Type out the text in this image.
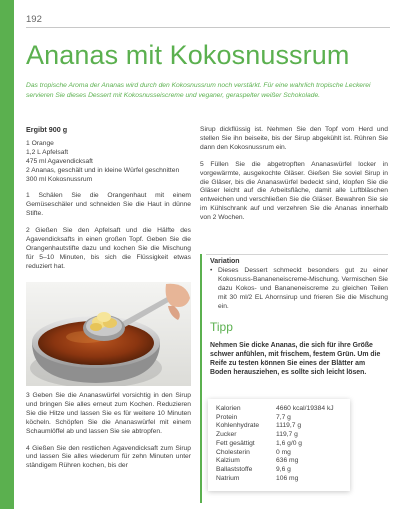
192
Ananas mit Kokosnussrum

Das tropische Aroma der Ananas wird durch den Kokosnussrum noch verstärkt. Für eine wahrlich tropische Leckerei servieren Sie dieses Dessert mit Kokosnusseiscreme und veganer, geraspelter weißer Schokolade.

Ergibt 900 g
1 Orange
1,2 L Apfelsaft
475 ml Agavendicksaft
2 Ananas, geschält und in kleine Würfel geschnitten
300 ml Kokosnussrum

1 Schälen Sie die Orangenhaut mit einem Gemüseschäler und schneiden Sie die Haut in dünne Stifte.

2 Gießen Sie den Apfelsaft und die Hälfte des Agavendicksafts in einen großen Topf. Geben Sie die Orangenhautstifte dazu und kochen Sie die Mischung für 5–10 Minuten, bis sich die Flüssigkeit etwas reduziert hat.

3 Geben Sie die Ananaswürfel vorsichtig in den Sirup und bringen Sie alles erneut zum Kochen. Reduzieren Sie die Hitze und lassen Sie es für weitere 10 Minuten köcheln. Schöpfen Sie die Ananaswürfel mit einem Schaumlöffel ab und lassen Sie sie abtropfen.

4 Gießen Sie den restlichen Agavendicksaft zum Sirup und lassen Sie alles wiederum für zehn Minuten unter ständigem Rühren kochen, bis der

Sirup dickflüssig ist. Nehmen Sie den Topf vom Herd und stellen Sie ihn beiseite, bis der Sirup abgekühlt ist. Rühren Sie dann den Kokosnussrum ein.

5 Füllen Sie die abgetropften Ananaswürfel locker in vorgewärmte, ausgekochte Gläser. Gießen Sie soviel Sirup in die Gläser, bis die Ananaswürfel bedeckt sind, klopfen Sie die Gläser leicht auf die Arbeitsfläche, damit alle Luftbläschen entweichen und verschließen Sie die Gläser. Bewahren Sie sie im Kühlschrank auf und verzehren Sie die Ananas innerhalb von 2 Wochen.

Variation
• Dieses Dessert schmeckt besonders gut zu einer Kokosnuss-Bananeneiscreme-Mischung. Vermischen Sie dazu Kokos- und Bananeneiscreme zu gleichen Teilen mit 30 ml/2 EL Ahornsirup und frieren Sie die Mischung ein.
Tipp

Nehmen Sie dicke Ananas, die sich für ihre Größe schwer anfühlen, mit frischem, festem Grün. Um die Reife zu testen können Sie eines der Blätter am Boden herausziehen, es sollte sich leicht lösen.

Kalorien	4660 kcal/19384 kJ
Protein	7,7 g
Kohlenhydrate	1119,7 g
Zucker	119,7 g
Fett gesättigt	1,6 g/0 g
Cholesterin	0 mg
Kalzium	636 mg
Ballaststoffe	9,6 g
Natrium	106 mg
